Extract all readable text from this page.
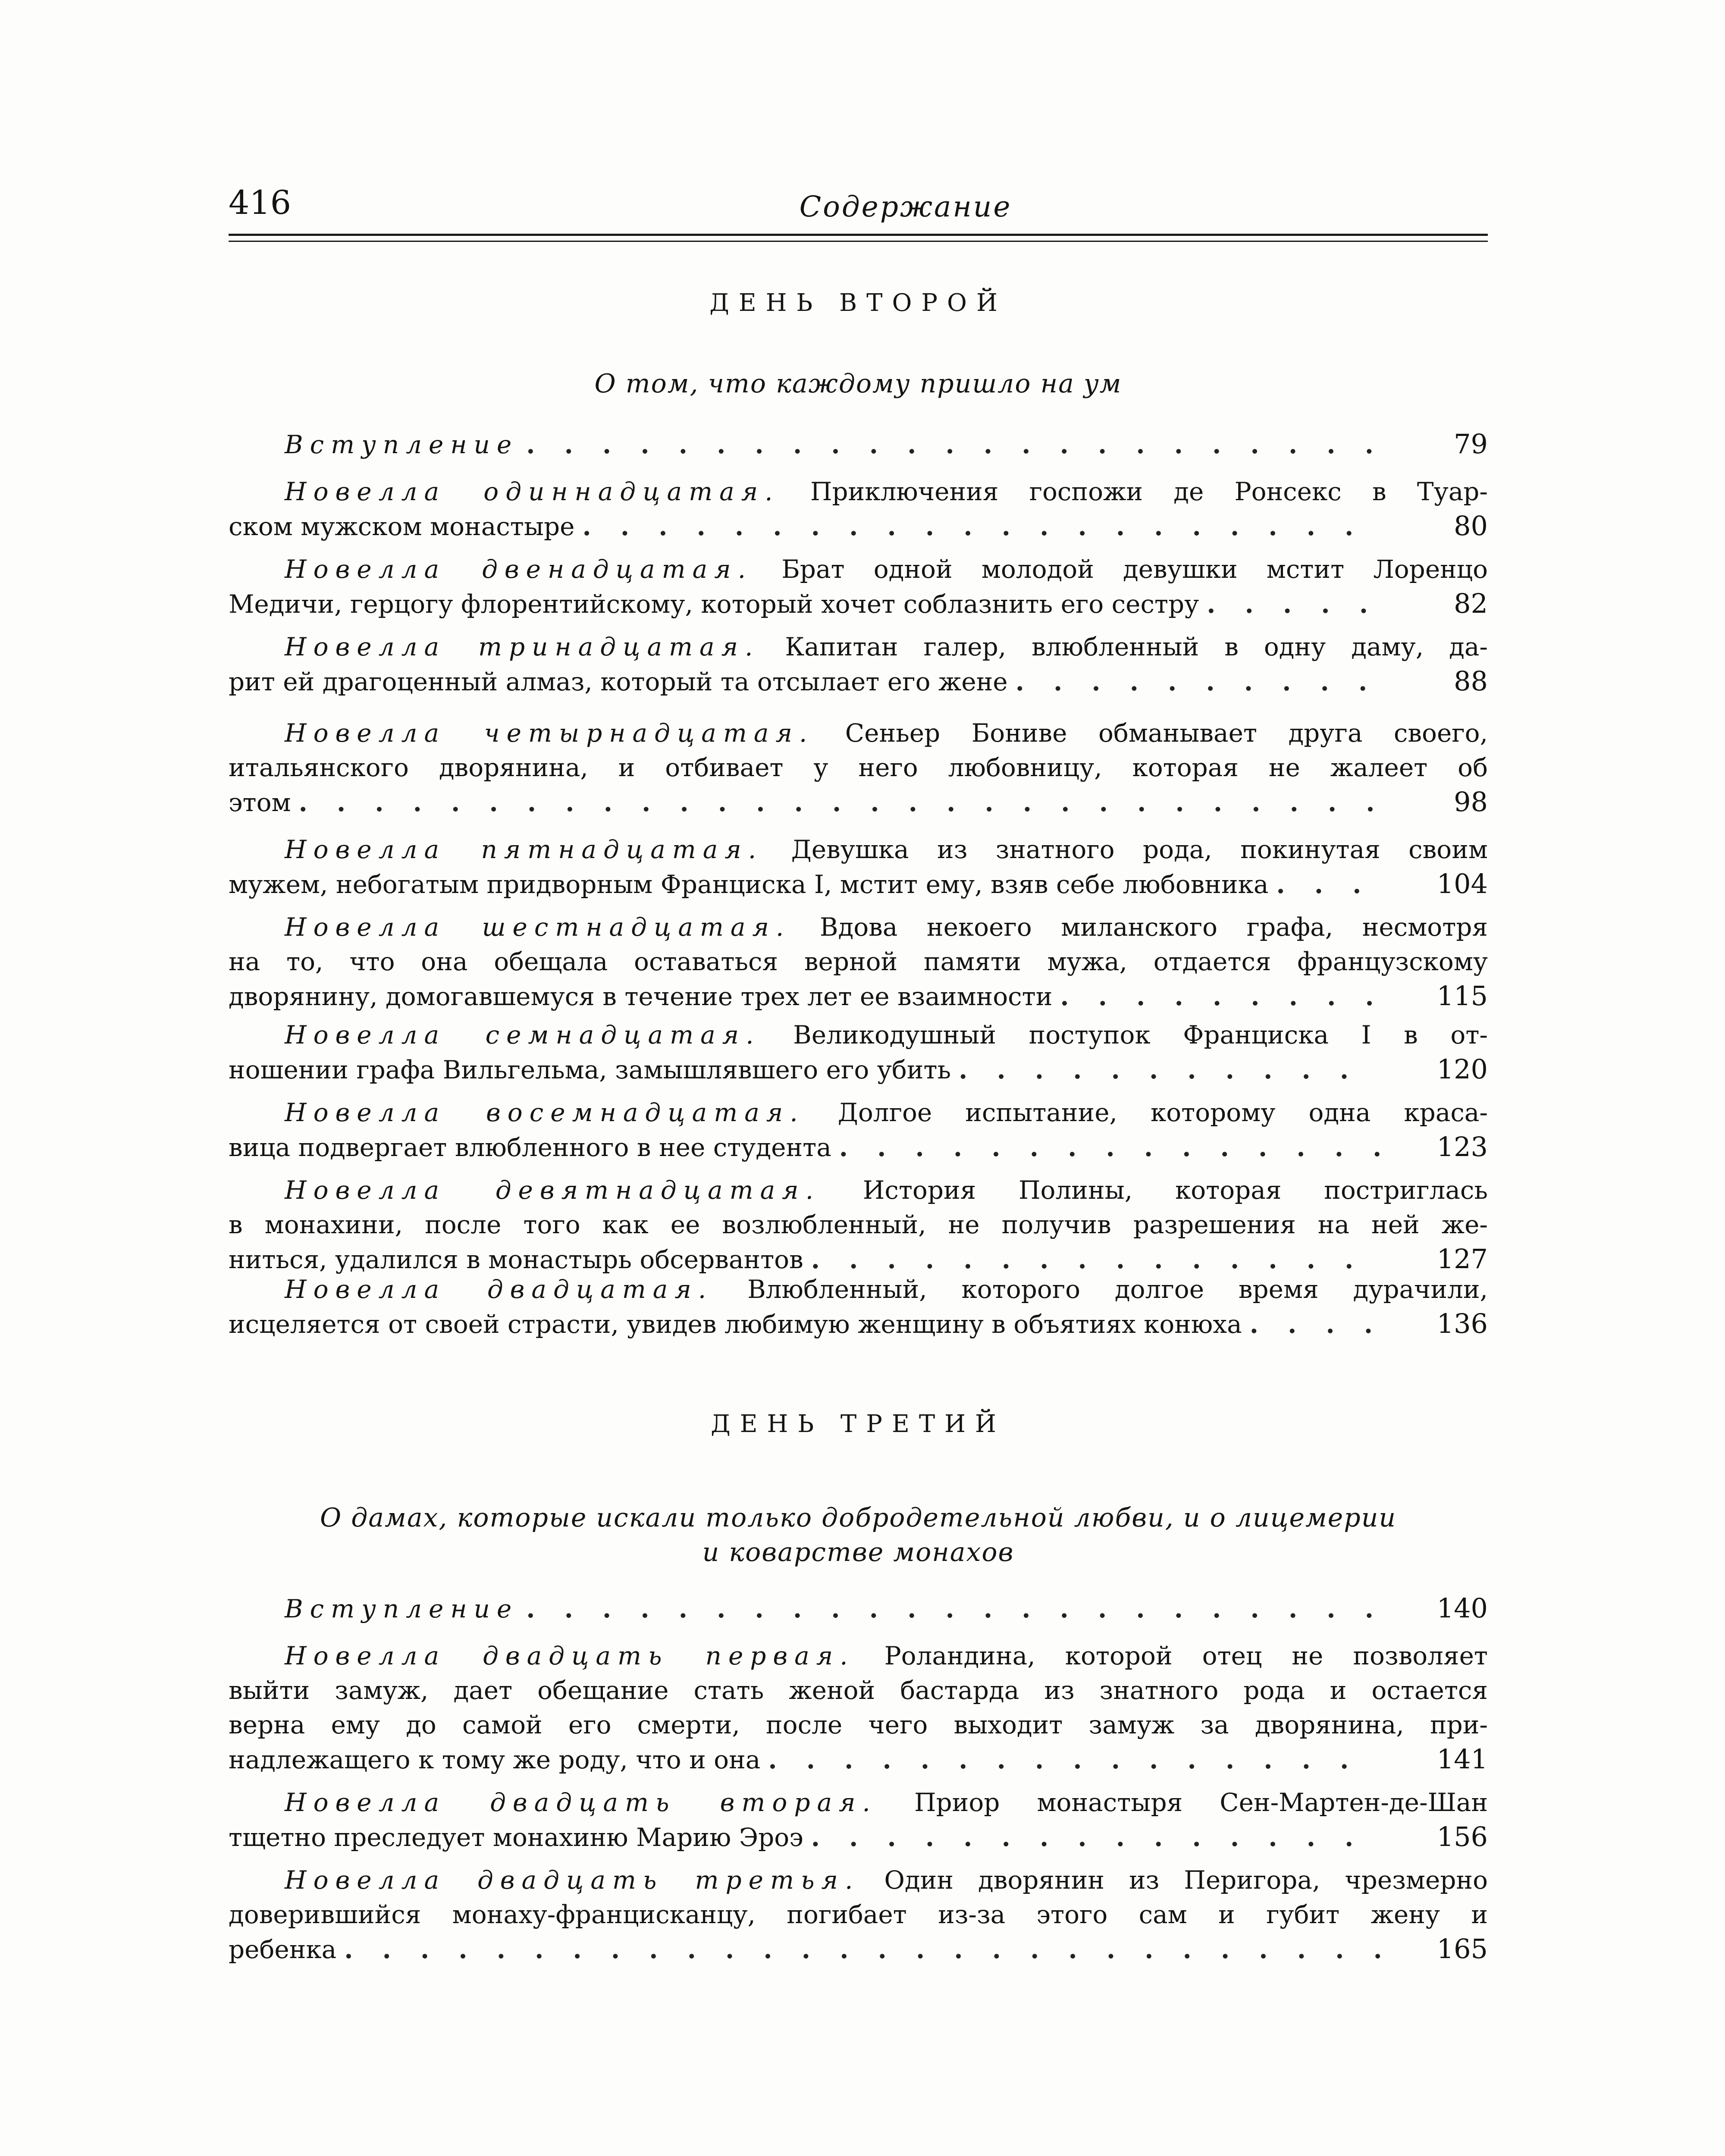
416	Содержание
ДЕНЬ ВТОРОЙ
О том, что каждому пришло на ум
Вступление . . .	79
Новелла одиннадцатая. Приключения госпожи де Ронсекс в Туар-
ском мужском монастыре . . .	80
Новелла двенадцатая. Брат одной молодой девушки мстит Лоренцо
Медичи, герцогу флорентийскому, который хочет соблазнить его сестру . . .	82
Новелла тринадцатая. Капитан галер, влюбленный в одну даму, да-
рит ей драгоценный алмаз, который та отсылает его жене . . .	88
Новелла четырнадцатая. Сеньер Бониве обманывает друга своего,
итальянского дворянина, и отбивает у него любовницу, которая не жалеет об
этом . . .	98
Новелла пятнадцатая. Девушка из знатного рода, покинутая своим
мужем, небогатым придворным Франциска I, мстит ему, взяв себе любовника . . .	104
Новелла шестнадцатая. Вдова некоего миланского графа, несмотря
на то, что она обещала оставаться верной памяти мужа, отдается французскому
дворянину, домогавшемуся в течение трех лет ее взаимности . . .	115
Новелла семнадцатая. Великодушный поступок Франциска I в от-
ношении графа Вильгельма, замышлявшего его убить . . .	120
Новелла восемнадцатая. Долгое испытание, которому одна краса-
вица подвергает влюбленного в нее студента . . .	123
Новелла девятнадцатая. История Полины, которая постриглась
в монахини, после того как ее возлюбленный, не получив разрешения на ней же-
ниться, удалился в монастырь обсервантов . . .	127
Новелла двадцатая. Влюбленный, которого долгое время дурачили,
исцеляется от своей страсти, увидев любимую женщину в объятиях конюха . . .	136
ДЕНЬ ТРЕТИЙ
О дамах, которые искали только добродетельной любви, и о лицемерии
и коварстве монахов
Вступление . . .	140
Новелла двадцать первая. Роландина, которой отец не позволяет
выйти замуж, дает обещание стать женой бастарда из знатного рода и остается
верна ему до самой его смерти, после чего выходит замуж за дворянина, при-
надлежащего к тому же роду, что и она . . .	141
Новелла двадцать вторая. Приор монастыря Сен-Мартен-де-Шан
тщетно преследует монахиню Марию Эроэ . . .	156
Новелла двадцать третья. Один дворянин из Перигора, чрезмерно
доверившийся монаху-францисканцу, погибает из-за этого сам и губит жену и
ребенка . . .	165
